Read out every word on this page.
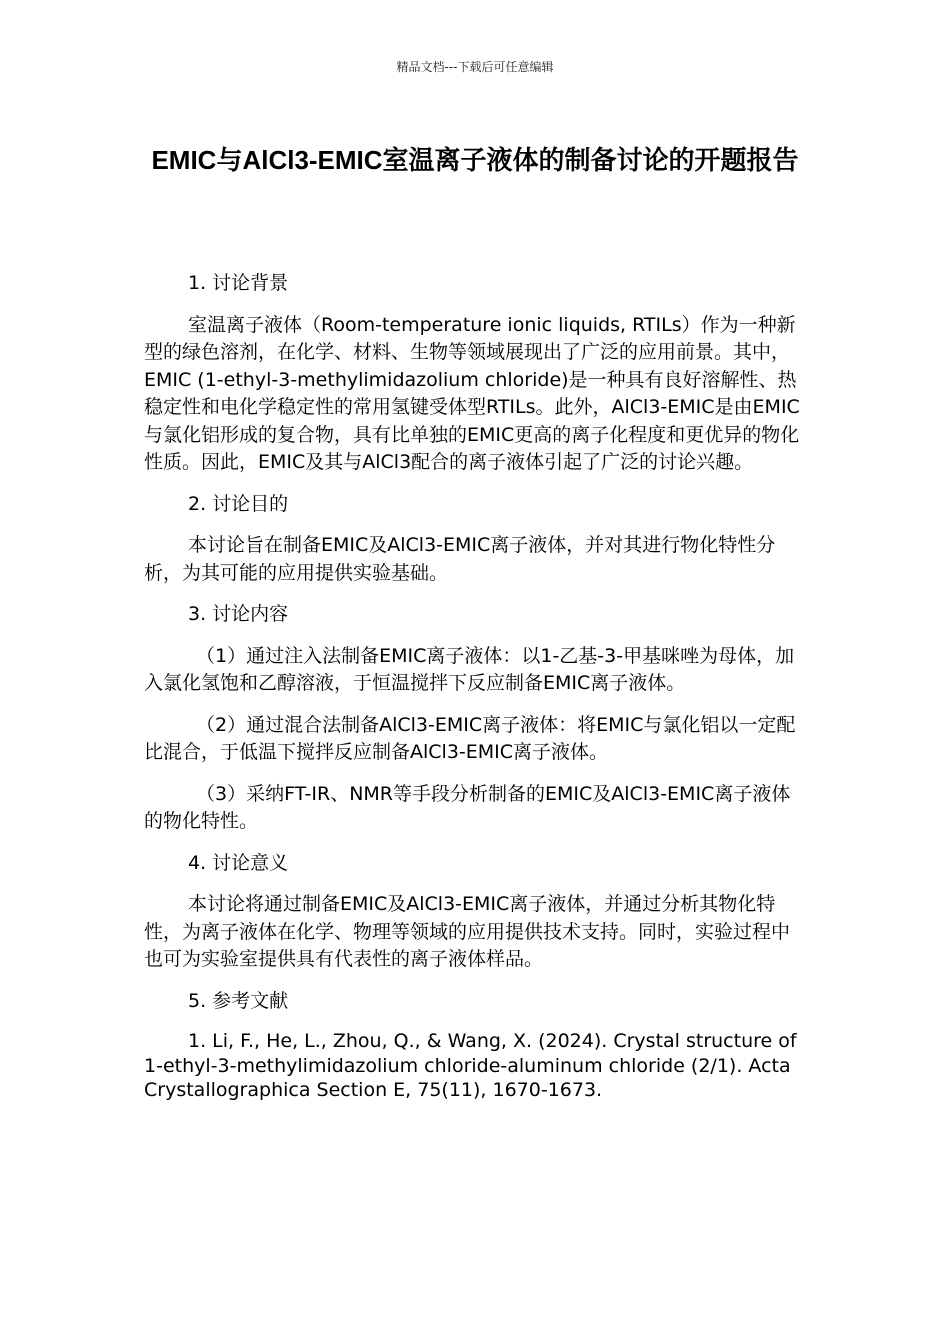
精品文档---下载后可任意编辑
EMIC与AlCl3-EMIC室温离子液体的制备讨论的开题报告

1. 讨论背景

室温离子液体（Room-temperature ionic liquids, RTILs）作为一种新型的绿色溶剂，在化学、材料、生物等领域展现出了广泛的应用前景。其中，EMIC (1-ethyl-3-methylimidazolium chloride)是一种具有良好溶解性、热稳定性和电化学稳定性的常用氢键受体型RTILs。此外，AlCl3-EMIC是由EMIC与氯化铝形成的复合物，具有比单独的EMIC更高的离子化程度和更优异的物化性质。因此，EMIC及其与AlCl3配合的离子液体引起了广泛的讨论兴趣。

2. 讨论目的

本讨论旨在制备EMIC及AlCl3-EMIC离子液体，并对其进行物化特性分析，为其可能的应用提供实验基础。

3. 讨论内容

（1）通过注入法制备EMIC离子液体：以1-乙基-3-甲基咪唑为母体，加入氯化氢饱和乙醇溶液，于恒温搅拌下反应制备EMIC离子液体。

（2）通过混合法制备AlCl3-EMIC离子液体：将EMIC与氯化铝以一定配比混合，于低温下搅拌反应制备AlCl3-EMIC离子液体。

（3）采纳FT-IR、NMR等手段分析制备的EMIC及AlCl3-EMIC离子液体的物化特性。

4. 讨论意义

本讨论将通过制备EMIC及AlCl3-EMIC离子液体，并通过分析其物化特性，为离子液体在化学、物理等领域的应用提供技术支持。同时，实验过程中也可为实验室提供具有代表性的离子液体样品。

5. 参考文献

1. Li, F., He, L., Zhou, Q., & Wang, X. (2024). Crystal structure of 1-ethyl-3-methylimidazolium chloride-aluminum chloride (2/1). Acta Crystallographica Section E, 75(11), 1670-1673.
